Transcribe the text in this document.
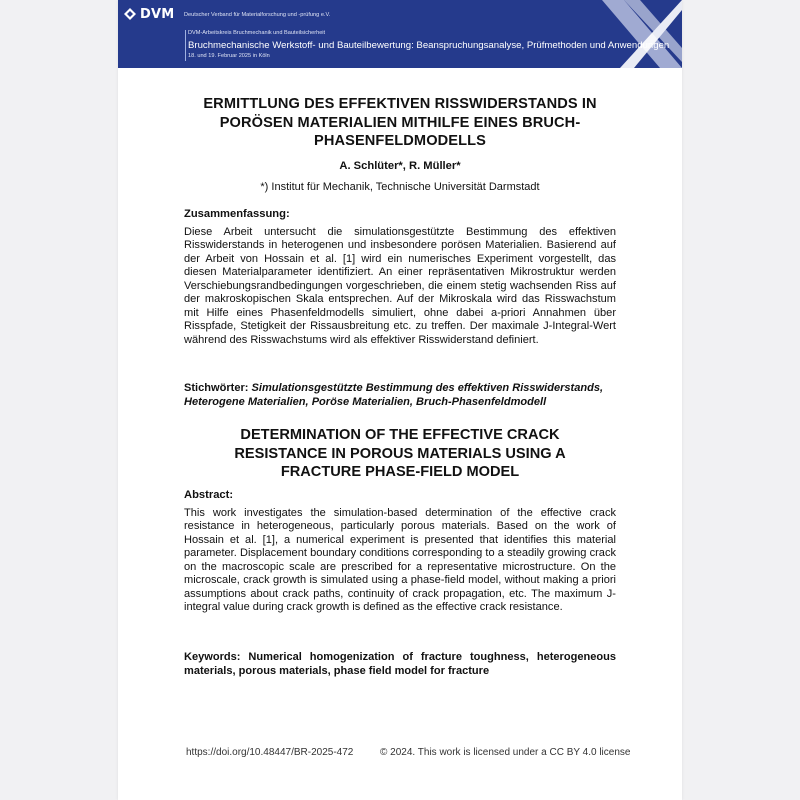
DVM Deutscher Verband für Materialforschung und -prüfung e.V.
DVM-Arbeitskreis Bruchmechanik und Bauteilsicherheit
Bruchmechanische Werkstoff- und Bauteilbewertung: Beanspruchungsanalyse, Prüfmethoden und Anwendungen
18. und 19. Februar 2025 in Köln
ERMITTLUNG DES EFFEKTIVEN RISSWIDERSTANDS IN
PORÖSEN MATERIALIEN MITHILFE EINES BRUCH-
PHASENFELDMODELLS
A. Schlüter*, R. Müller*
*) Institut für Mechanik, Technische Universität Darmstadt
Zusammenfassung:
Diese Arbeit untersucht die simulationsgestützte Bestimmung des effektiven Risswiderstands in heterogenen und insbesondere porösen Materialien. Basierend auf der Arbeit von Hossain et al. [1] wird ein numerisches Experiment vorgestellt, das diesen Materialparameter identifiziert. An einer repräsentativen Mikrostruktur werden Verschiebungsrandbedingungen vorgeschrieben, die einem stetig wachsenden Riss auf der makroskopischen Skala entsprechen. Auf der Mikroskala wird das Risswachstum mit Hilfe eines Phasenfeldmodells simuliert, ohne dabei a-priori Annahmen über Risspfade, Stetigkeit der Rissausbreitung etc. zu treffen. Der maximale J-Integral-Wert während des Risswachstums wird als effektiver Risswiderstand definiert.
Stichwörter: Simulationsgestützte Bestimmung des effektiven Risswiderstands,
Heterogene Materialien, Poröse Materialien, Bruch-Phasenfeldmodell
DETERMINATION OF THE EFFECTIVE CRACK
RESISTANCE IN POROUS MATERIALS USING A
FRACTURE PHASE-FIELD MODEL
Abstract:
This work investigates the simulation-based determination of the effective crack resistance in heterogeneous, particularly porous materials. Based on the work of Hossain et al. [1], a numerical experiment is presented that identifies this material parameter. Displacement boundary conditions corresponding to a steadily growing crack on the macroscopic scale are prescribed for a representative microstructure. On the microscale, crack growth is simulated using a phase-field model, without making a priori assumptions about crack paths, continuity of crack propagation, etc. The maximum J-integral value during crack growth is defined as the effective crack resistance.
Keywords: Numerical homogenization of fracture toughness, heterogeneous materials, porous materials, phase field model for fracture
https://doi.org/10.48447/BR-2025-472	© 2024. This work is licensed under a CC BY 4.0 license
